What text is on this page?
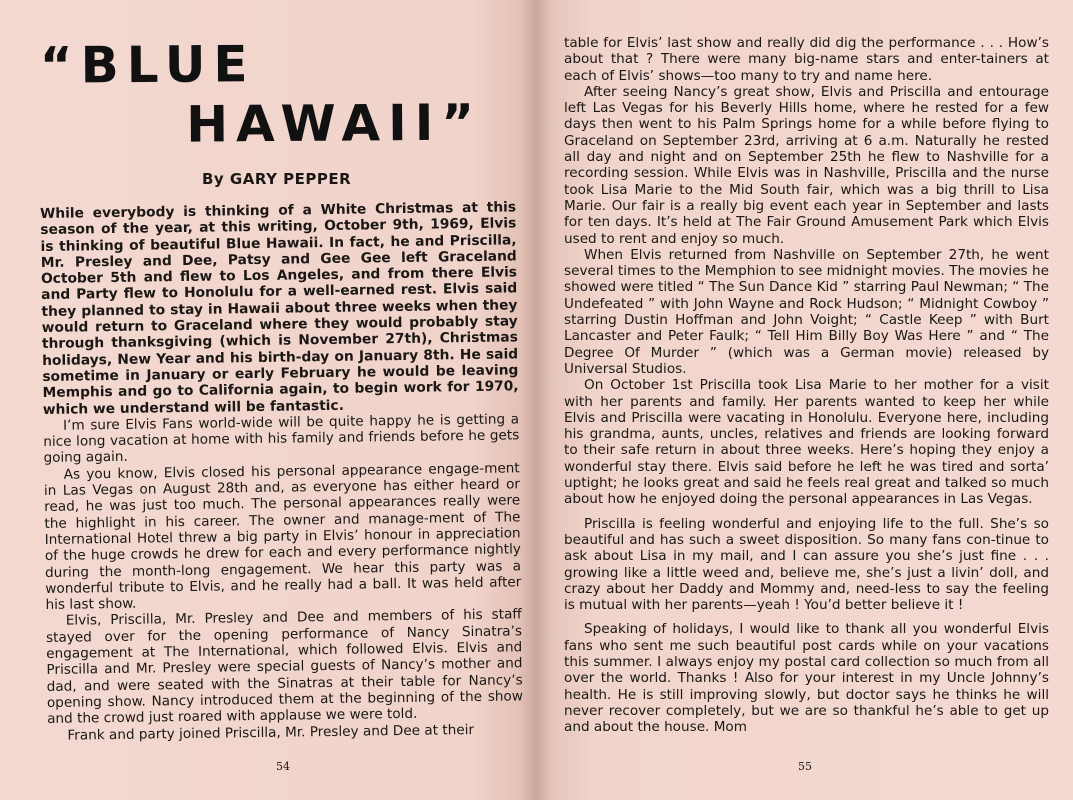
“BLUE
HAWAII”
By GARY PEPPER

While everybody is thinking of a White Christmas at this season of the year, at this writing, October 9th, 1969, Elvis is thinking of beautiful Blue Hawaii. In fact, he and Priscilla, Mr. Presley and Dee, Patsy and Gee Gee left Graceland October 5th and flew to Los Angeles, and from there Elvis and Party flew to Honolulu for a well-earned rest. Elvis said they planned to stay in Hawaii about three weeks when they would return to Graceland where they would probably stay through thanksgiving (which is November 27th), Christmas holidays, New Year and his birth-day on January 8th. He said sometime in January or early February he would be leaving Memphis and go to California again, to begin work for 1970, which we understand will be fantastic.

I’m sure Elvis Fans world-wide will be quite happy he is getting a nice long vacation at home with his family and friends before he gets going again.

As you know, Elvis closed his personal appearance engage-ment in Las Vegas on August 28th and, as everyone has either heard or read, he was just too much. The personal appearances really were the highlight in his career. The owner and manage-ment of The International Hotel threw a big party in Elvis’ honour in appreciation of the huge crowds he drew for each and every performance nightly during the month-long engagement. We hear this party was a wonderful tribute to Elvis, and he really had a ball. It was held after his last show.

Elvis, Priscilla, Mr. Presley and Dee and members of his staff stayed over for the opening performance of Nancy Sinatra’s engagement at The International, which followed Elvis. Elvis and Priscilla and Mr. Presley were special guests of Nancy’s mother and dad, and were seated with the Sinatras at their table for Nancy’s opening show. Nancy introduced them at the beginning of the show and the crowd just roared with applause we were told.

Frank and party joined Priscilla, Mr. Presley and Dee at their

54

table for Elvis’ last show and really did dig the performance . . . How’s about that ? There were many big-name stars and enter-tainers at each of Elvis’ shows—too many to try and name here.

After seeing Nancy’s great show, Elvis and Priscilla and entourage left Las Vegas for his Beverly Hills home, where he rested for a few days then went to his Palm Springs home for a while before flying to Graceland on September 23rd, arriving at 6 a.m. Naturally he rested all day and night and on September 25th he flew to Nashville for a recording session. While Elvis was in Nashville, Priscilla and the nurse took Lisa Marie to the Mid South fair, which was a big thrill to Lisa Marie. Our fair is a really big event each year in September and lasts for ten days. It’s held at The Fair Ground Amusement Park which Elvis used to rent and enjoy so much.

When Elvis returned from Nashville on September 27th, he went several times to the Memphion to see midnight movies. The movies he showed were titled “ The Sun Dance Kid ” starring Paul Newman; “ The Undefeated ” with John Wayne and Rock Hudson; “ Midnight Cowboy ” starring Dustin Hoffman and John Voight; “ Castle Keep ” with Burt Lancaster and Peter Faulk; “ Tell Him Billy Boy Was Here ” and “ The Degree Of Murder ” (which was a German movie) released by Universal Studios.

On October 1st Priscilla took Lisa Marie to her mother for a visit with her parents and family. Her parents wanted to keep her while Elvis and Priscilla were vacating in Honolulu. Everyone here, including his grandma, aunts, uncles, relatives and friends are looking forward to their safe return in about three weeks. Here’s hoping they enjoy a wonderful stay there. Elvis said before he left he was tired and sorta’ uptight; he looks great and said he feels real great and talked so much about how he enjoyed doing the personal appearances in Las Vegas.

Priscilla is feeling wonderful and enjoying life to the full. She’s so beautiful and has such a sweet disposition. So many fans con-tinue to ask about Lisa in my mail, and I can assure you she’s just fine . . . growing like a little weed and, believe me, she’s just a livin’ doll, and crazy about her Daddy and Mommy and, need-less to say the feeling is mutual with her parents—yeah ! You’d better believe it !

Speaking of holidays, I would like to thank all you wonderful Elvis fans who sent me such beautiful post cards while on your vacations this summer. I always enjoy my postal card collection so much from all over the world. Thanks ! Also for your interest in my Uncle Johnny’s health. He is still improving slowly, but doctor says he thinks he will never recover completely, but we are so thankful he’s able to get up and about the house. Mom

55
